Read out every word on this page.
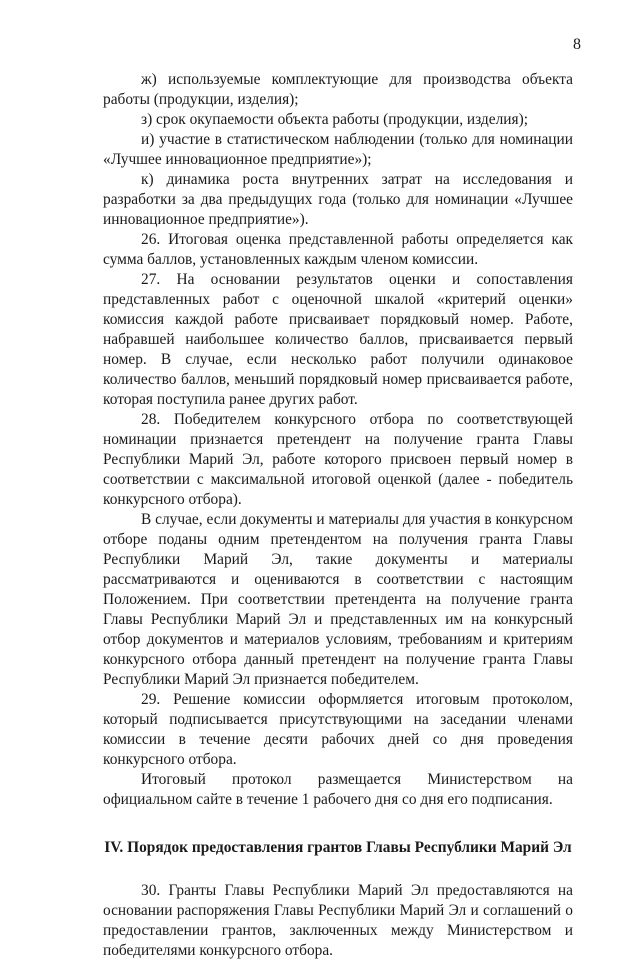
8

ж) используемые комплектующие для производства объекта работы (продукции, изделия);

з) срок окупаемости объекта работы (продукции, изделия);

и) участие в статистическом наблюдении (только для номинации «Лучшее инновационное предприятие»);

к) динамика роста внутренних затрат на исследования и разработки за два предыдущих года (только для номинации «Лучшее инновационное предприятие»).

26. Итоговая оценка представленной работы определяется как сумма баллов, установленных каждым членом комиссии.

27. На основании результатов оценки и сопоставления представленных работ с оценочной шкалой «критерий оценки» комиссия каждой работе присваивает порядковый номер. Работе, набравшей наибольшее количество баллов, присваивается первый номер. В случае, если несколько работ получили одинаковое количество баллов, меньший порядковый номер присваивается работе, которая поступила ранее других работ.

28. Победителем конкурсного отбора по соответствующей номинации признается претендент на получение гранта Главы Республики Марий Эл, работе которого присвоен первый номер в соответствии с максимальной итоговой оценкой (далее - победитель конкурсного отбора).

В случае, если документы и материалы для участия в конкурсном отборе поданы одним претендентом на получения гранта Главы Республики Марий Эл, такие документы и материалы рассматриваются и оцениваются в соответствии с настоящим Положением. При соответствии претендента на получение гранта Главы Республики Марий Эл и представленных им на конкурсный отбор документов и материалов условиям, требованиям и критериям конкурсного отбора данный претендент на получение гранта Главы Республики Марий Эл признается победителем.

29. Решение комиссии оформляется итоговым протоколом, который подписывается присутствующими на заседании членами комиссии в течение десяти рабочих дней со дня проведения конкурсного отбора.

Итоговый протокол размещается Министерством на официальном сайте в течение 1 рабочего дня со дня его подписания.

IV. Порядок предоставления грантов Главы Республики Марий Эл

30. Гранты Главы Республики Марий Эл предоставляются на основании распоряжения Главы Республики Марий Эл и соглашений о предоставлении грантов, заключенных между Министерством и победителями конкурсного отбора.
